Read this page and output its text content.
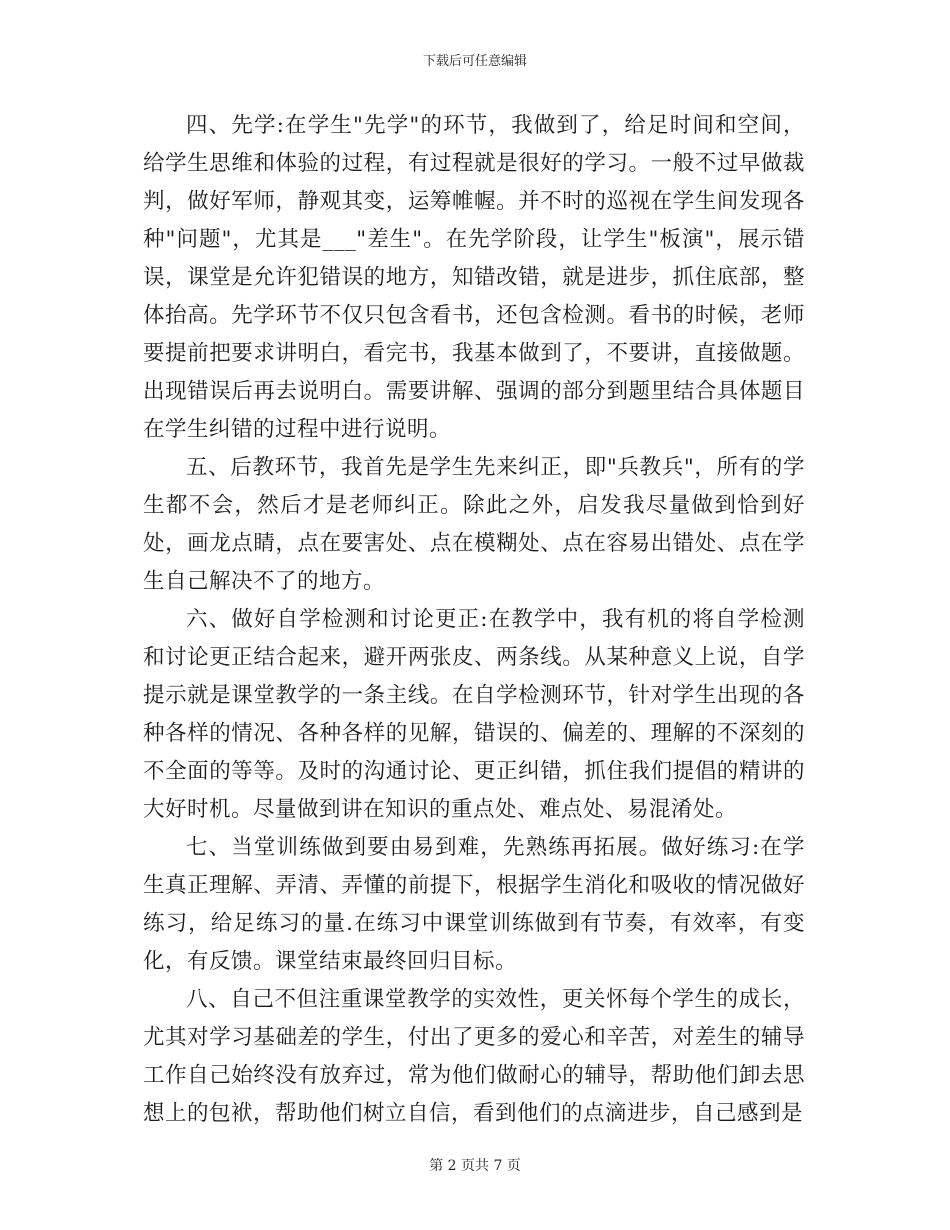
下载后可任意编辑

四、先学:在学生"先学"的环节，我做到了，给足时间和空间，给学生思维和体验的过程，有过程就是很好的学习。一般不过早做裁判，做好军师，静观其变，运筹帷幄。并不时的巡视在学生间发现各种"问题"，尤其是___"差生"。在先学阶段，让学生"板演"，展示错误，课堂是允许犯错误的地方，知错改错，就是进步，抓住底部，整体抬高。先学环节不仅只包含看书，还包含检测。看书的时候，老师要提前把要求讲明白，看完书，我基本做到了，不要讲，直接做题。出现错误后再去说明白。需要讲解、强调的部分到题里结合具体题目在学生纠错的过程中进行说明。

五、后教环节，我首先是学生先来纠正，即"兵教兵"，所有的学生都不会，然后才是老师纠正。除此之外，启发我尽量做到恰到好处，画龙点睛，点在要害处、点在模糊处、点在容易出错处、点在学生自己解决不了的地方。

六、做好自学检测和讨论更正:在教学中，我有机的将自学检测和讨论更正结合起来，避开两张皮、两条线。从某种意义上说，自学提示就是课堂教学的一条主线。在自学检测环节，针对学生出现的各种各样的情况、各种各样的见解，错误的、偏差的、理解的不深刻的不全面的等等。及时的沟通讨论、更正纠错，抓住我们提倡的精讲的大好时机。尽量做到讲在知识的重点处、难点处、易混淆处。

七、当堂训练做到要由易到难，先熟练再拓展。做好练习:在学生真正理解、弄清、弄懂的前提下，根据学生消化和吸收的情况做好练习，给足练习的量.在练习中课堂训练做到有节奏，有效率，有变化，有反馈。课堂结束最终回归目标。

八、自己不但注重课堂教学的实效性，更关怀每个学生的成长，尤其对学习基础差的学生，付出了更多的爱心和辛苦，对差生的辅导工作自己始终没有放弃过，常为他们做耐心的辅导，帮助他们卸去思想上的包袱，帮助他们树立自信，看到他们的点滴进步，自己感到是

第 2 页共 7 页
